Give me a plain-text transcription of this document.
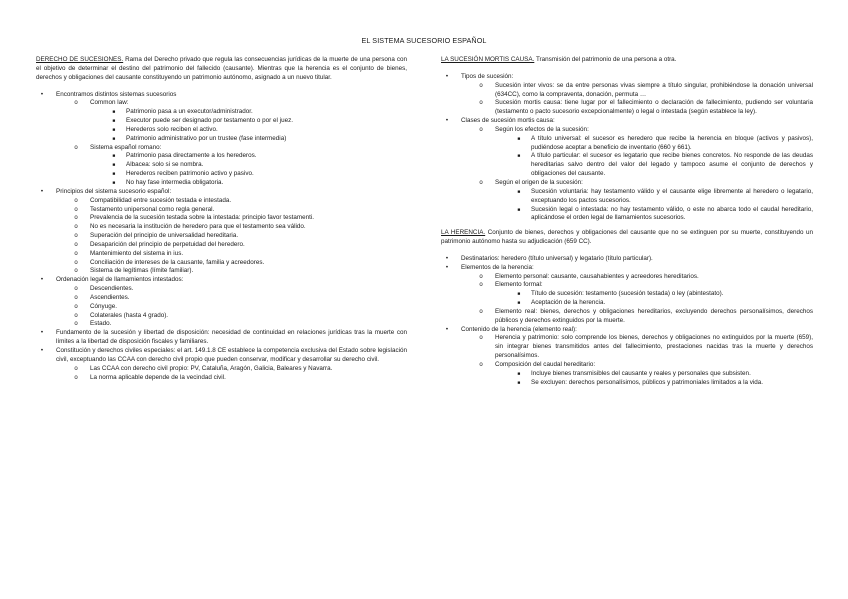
EL SISTEMA SUCESORIO ESPAÑOL

DERECHO DE SUCESIONES. Rama del Derecho privado que regula las consecuencias jurídicas de la muerte de una persona con el objetivo de determinar el destino del patrimonio del fallecido (causante). Mientras que la herencia es el conjunto de bienes, derechos y obligaciones del causante constituyendo un patrimonio autónomo, asignado a un nuevo titular.

•	Encontramos distintos sistemas sucesorios
o	Common law:
■	Patrimonio pasa a un executor/administrador.
■	Executor puede ser designado por testamento o por el juez.
■	Herederos solo reciben el activo.
■	Patrimonio administrativo por un trustee (fase intermedia)
o	Sistema español romano:
■	Patrimonio pasa directamente a los herederos.
■	Albacea: solo si se nombra.
■	Herederos reciben patrimonio activo y pasivo.
■	No hay fase intermedia obligatoria.
•	Principios del sistema sucesorio español:
o	Compatibilidad entre sucesión testada e intestada.
o	Testamento unipersonal como regla general.
o	Prevalencia de la sucesión testada sobre la intestada: principio favor testamenti.
o	No es necesaria la institución de heredero para que el testamento sea válido.
o	Superación del principio de universalidad hereditaria.
o	Desaparición del principio de perpetuidad del heredero.
o	Mantenimiento del sistema in ius.
o	Conciliación de intereses de la causante, familia y acreedores.
o	Sistema de legítimas (límite familiar).
•	Ordenación legal de llamamientos intestados:
o	Descendientes.
o	Ascendientes.
o	Cónyuge.
o	Colaterales (hasta 4 grado).
o	Estado.
•	Fundamento de la sucesión y libertad de disposición: necesidad de continuidad en relaciones jurídicas tras la muerte con límites a la libertad de disposición fiscales y familiares.
•	Constitución y derechos civiles especiales: el art. 149.1.8 CE establece la competencia exclusiva del Estado sobre legislación civil, exceptuando las CCAA con derecho civil propio que pueden conservar, modificar y desarrollar su derecho civil.
o	Las CCAA con derecho civil propio: PV, Cataluña, Aragón, Galicia, Baleares y Navarra.
o	La norma aplicable depende de la vecindad civil.

LA SUCESIÓN MORTIS CAUSA. Transmisión del patrimonio de una persona a otra.

•	Tipos de sucesión:
o	Sucesión inter vivos: se da entre personas vivas siempre a título singular, prohibiéndose la donación universal (634CC), como la compraventa, donación, permuta …
o	Sucesión mortis causa: tiene lugar por el fallecimiento o declaración de fallecimiento, pudiendo ser voluntaria (testamento o pacto sucesorio excepcionalmente) o legal o intestada (según establece la ley).
•	Clases de sucesión mortis causa:
o	Según los efectos de la sucesión:
■	A título universal: el sucesor es heredero que recibe la herencia en bloque (activos y pasivos), pudiéndose aceptar a beneficio de inventario (660 y 661).
■	A título particular: el sucesor es legatario que recibe bienes concretos. No responde de las deudas hereditarias salvo dentro del valor del legado y tampoco asume el conjunto de derechos y obligaciones del causante.
o	Según el origen de la sucesión:
■	Sucesión voluntaria: hay testamento válido y el causante elige libremente al heredero o legatario, exceptuando los pactos sucesorios.
■	Sucesión legal o intestada: no hay testamento válido, o este no abarca todo el caudal hereditario, aplicándose el orden legal de llamamientos sucesorios.

LA HERENCIA. Conjunto de bienes, derechos y obligaciones del causante que no se extinguen por su muerte, constituyendo un patrimonio autónomo hasta su adjudicación (659 CC).

•	Destinatarios: heredero (título universal) y legatario (título particular).
•	Elementos de la herencia:
o	Elemento personal: causante, causahabientes y acreedores hereditarios.
o	Elemento formal:
■	Título de sucesión: testamento (sucesión testada) o ley (abintestato).
■	Aceptación de la herencia.
o	Elemento real: bienes, derechos y obligaciones hereditarios, excluyendo derechos personalísimos, derechos públicos y derechos extinguidos por la muerte.
•	Contenido de la herencia (elemento real):
o	Herencia y patrimonio: solo comprende los bienes, derechos y obligaciones no extinguidos por la muerte (659), sin integrar bienes transmitidos antes del fallecimiento, prestaciones nacidas tras la muerte y derechos personalísimos.
o	Composición del caudal hereditario:
■	Incluye bienes transmisibles del causante y reales y personales que subsisten.
■	Se excluyen: derechos personalísimos, públicos y patrimoniales limitados a la vida.
